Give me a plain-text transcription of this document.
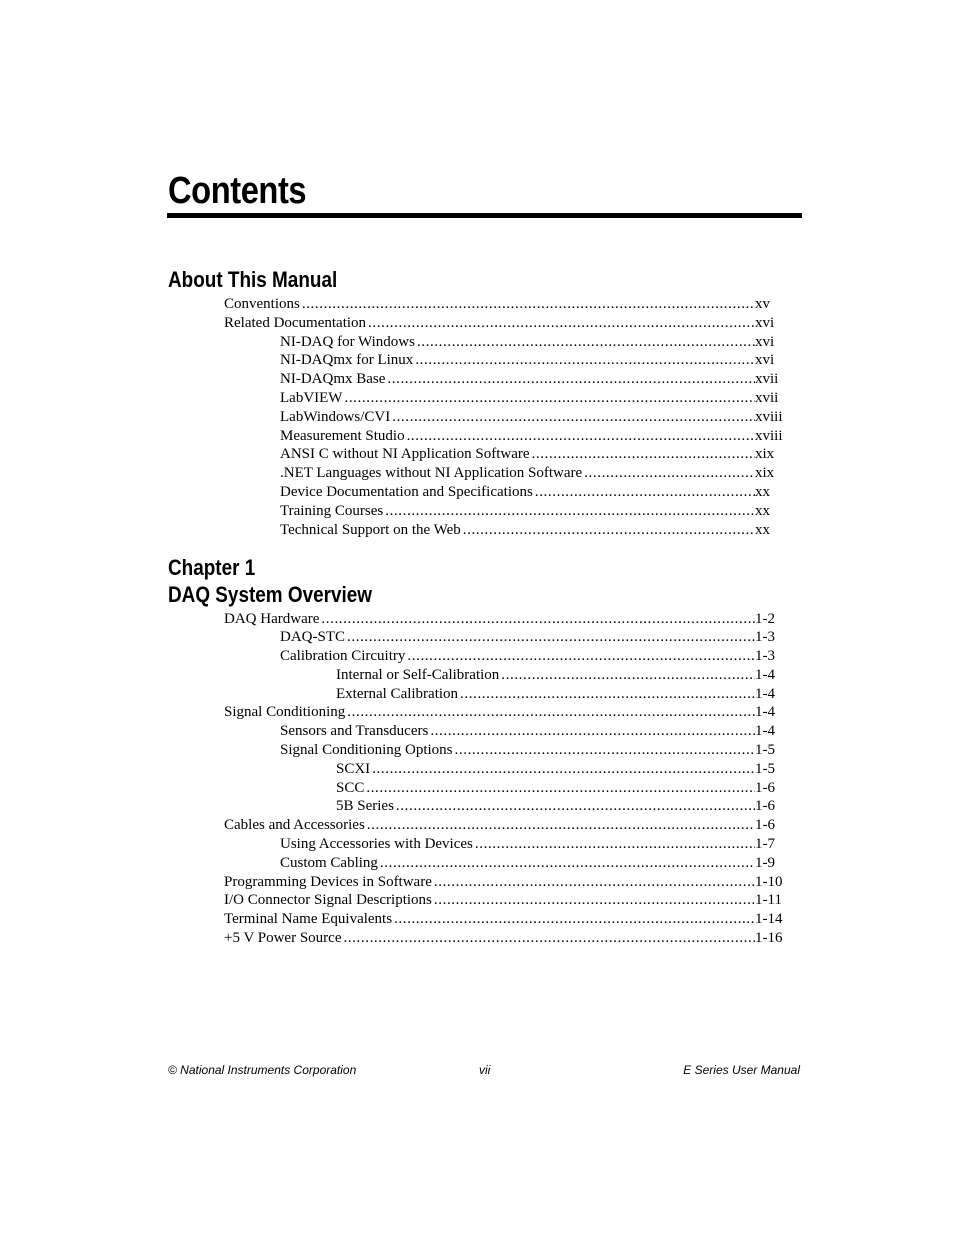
Contents
About This Manual
Conventions .....	xv
Related Documentation .....	xvi
NI-DAQ for Windows .....	xvi
NI-DAQmx for Linux .....	xvi
NI-DAQmx Base .....	xvii
LabVIEW .....	xvii
LabWindows/CVI .....	xviii
Measurement Studio .....	xviii
ANSI C without NI Application Software .....	xix
.NET Languages without NI Application Software .....	xix
Device Documentation and Specifications .....	xx
Training Courses .....	xx
Technical Support on the Web .....	xx
Chapter 1
DAQ System Overview
DAQ Hardware .....	1-2
DAQ-STC .....	1-3
Calibration Circuitry .....	1-3
Internal or Self-Calibration .....	1-4
External Calibration .....	1-4
Signal Conditioning .....	1-4
Sensors and Transducers .....	1-4
Signal Conditioning Options .....	1-5
SCXI .....	1-5
SCC .....	1-6
5B Series .....	1-6
Cables and Accessories .....	1-6
Using Accessories with Devices .....	1-7
Custom Cabling .....	1-9
Programming Devices in Software .....	1-10
I/O Connector Signal Descriptions .....	1-11
Terminal Name Equivalents .....	1-14
+5 V Power Source .....	1-16
© National Instruments Corporation	vii	E Series User Manual
